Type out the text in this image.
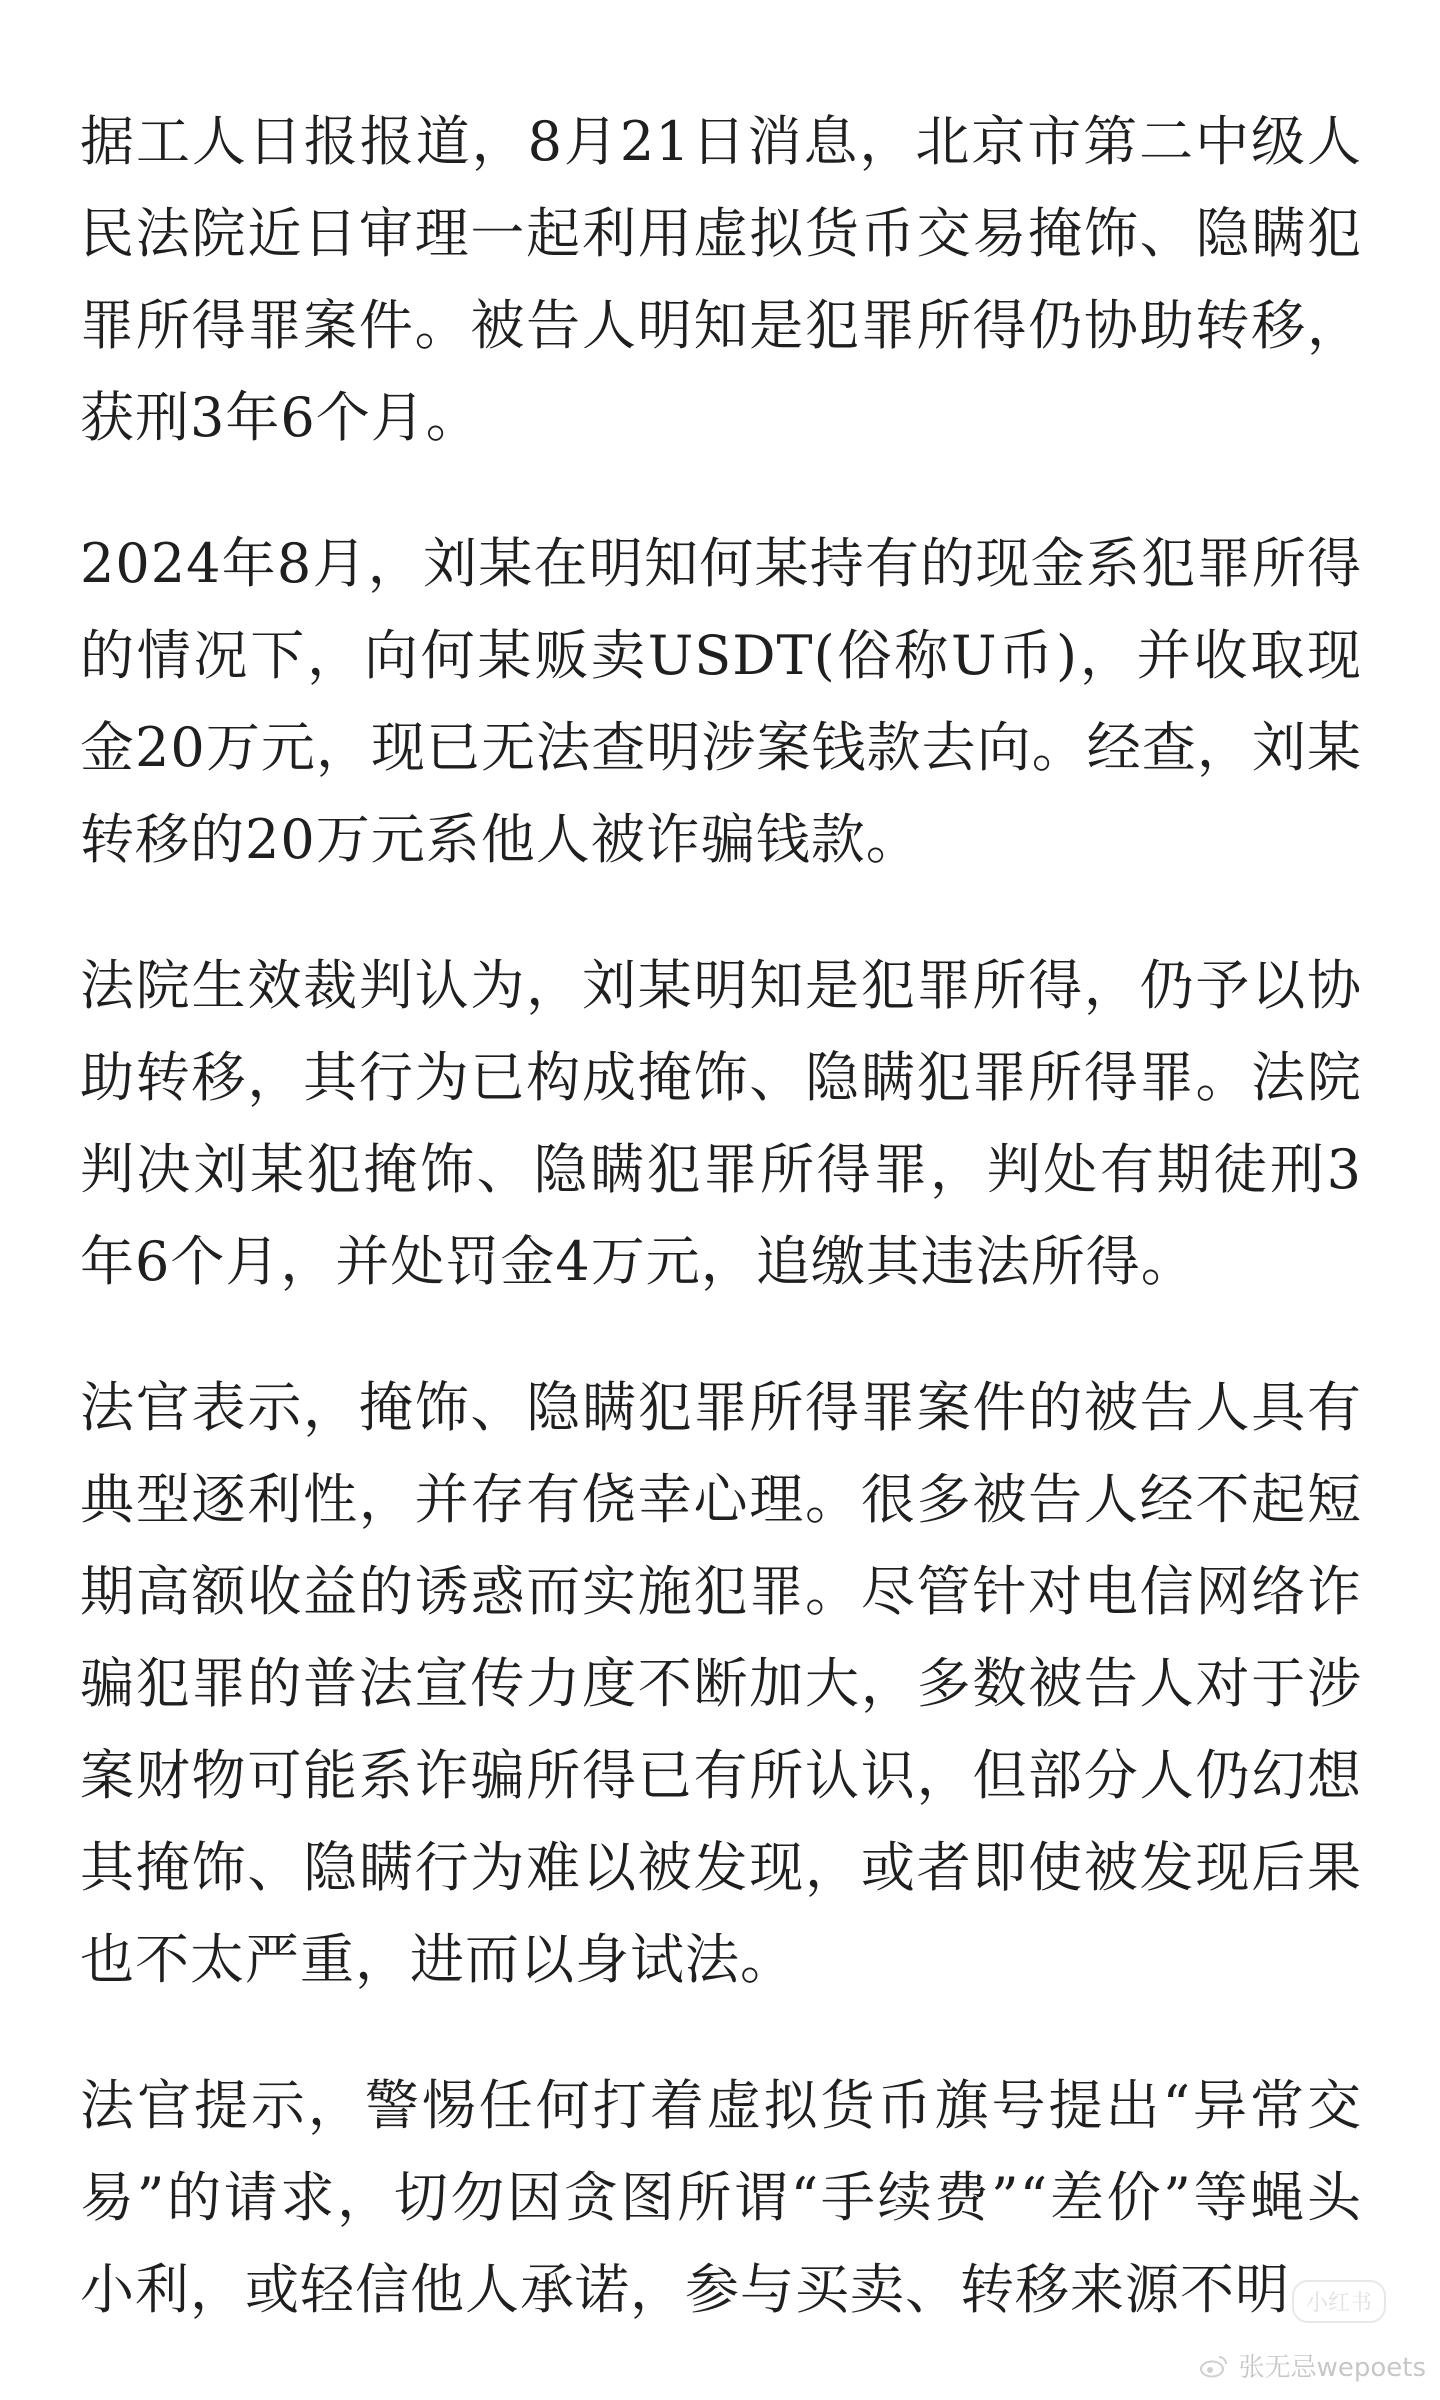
据工人日报报道，8月21日消息，北京市第二中级人民法院近日审理一起利用虚拟货币交易掩饰、隐瞒犯罪所得罪案件。被告人明知是犯罪所得仍协助转移，获刑3年6个月。

2024年8月，刘某在明知何某持有的现金系犯罪所得的情况下，向何某贩卖USDT(俗称U币)，并收取现金20万元，现已无法查明涉案钱款去向。经查，刘某转移的20万元系他人被诈骗钱款。

法院生效裁判认为，刘某明知是犯罪所得，仍予以协助转移，其行为已构成掩饰、隐瞒犯罪所得罪。法院判决刘某犯掩饰、隐瞒犯罪所得罪，判处有期徒刑3年6个月，并处罚金4万元，追缴其违法所得。

法官表示，掩饰、隐瞒犯罪所得罪案件的被告人具有典型逐利性，并存有侥幸心理。很多被告人经不起短期高额收益的诱惑而实施犯罪。尽管针对电信网络诈骗犯罪的普法宣传力度不断加大，多数被告人对于涉案财物可能系诈骗所得已有所认识，但部分人仍幻想其掩饰、隐瞒行为难以被发现，或者即使被发现后果也不太严重，进而以身试法。

法官提示，警惕任何打着虚拟货币旗号提出“异常交易”的请求，切勿因贪图所谓“手续费”“差价”等蝇头小利，或轻信他人承诺，参与买卖、转移来源不明 小红书
张无忌wepoets
